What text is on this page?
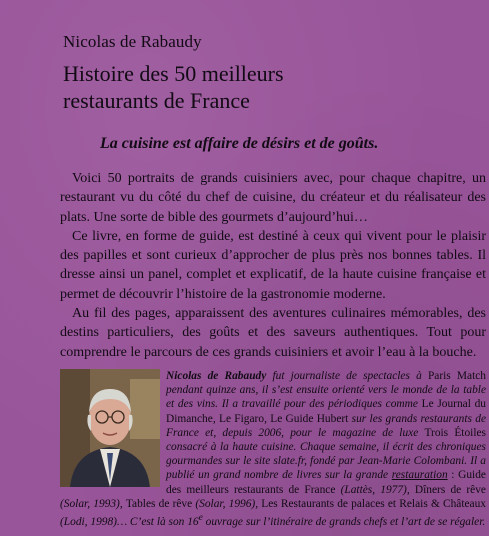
Nicolas de Rabaudy
Histoire des 50 meilleurs
restaurants de France
La cuisine est affaire de désirs et de goûts.

Voici 50 portraits de grands cuisiniers avec, pour chaque chapitre, un restaurant vu du côté du chef de cuisine, du créateur et du réalisateur des plats. Une sorte de bible des gourmets d’aujourd’hui…

Ce livre, en forme de guide, est destiné à ceux qui vivent pour le plaisir des papilles et sont curieux d’approcher de plus près nos bonnes tables. Il dresse ainsi un panel, complet et explicatif, de la haute cuisine française et permet de découvrir l’histoire de la gastronomie moderne.

Au fil des pages, apparaissent des aventures culinaires mémorables, des destins particuliers, des goûts et des saveurs authentiques. Tout pour comprendre le parcours de ces grands cuisiniers et avoir l’eau à la bouche.

Nicolas de Rabaudy fut journaliste de spectacles à Paris Match pendant quinze ans, il s’est ensuite orienté vers le monde de la table et des vins. Il a travaillé pour des périodiques comme Le Journal du Dimanche, Le Figaro, Le Guide Hubert sur les grands restaurants de France et, depuis 2006, pour le magazine de luxe Trois Étoiles consacré à la haute cuisine. Chaque semaine, il écrit des chroniques gourmandes sur le site slate.fr, fondé par Jean-Marie Colombani. Il a publié un grand nombre de livres sur la grande restauration : Guide des meilleurs restaurants de France (Lattès, 1977), Dîners de rêve (Solar, 1993), Tables de rêve (Solar, 1996), Les Restaurants de palaces et Relais & Châteaux (Lodi, 1998)… C’est là son 16e ouvrage sur l’itinéraire de grands chefs et l’art de se régaler.
